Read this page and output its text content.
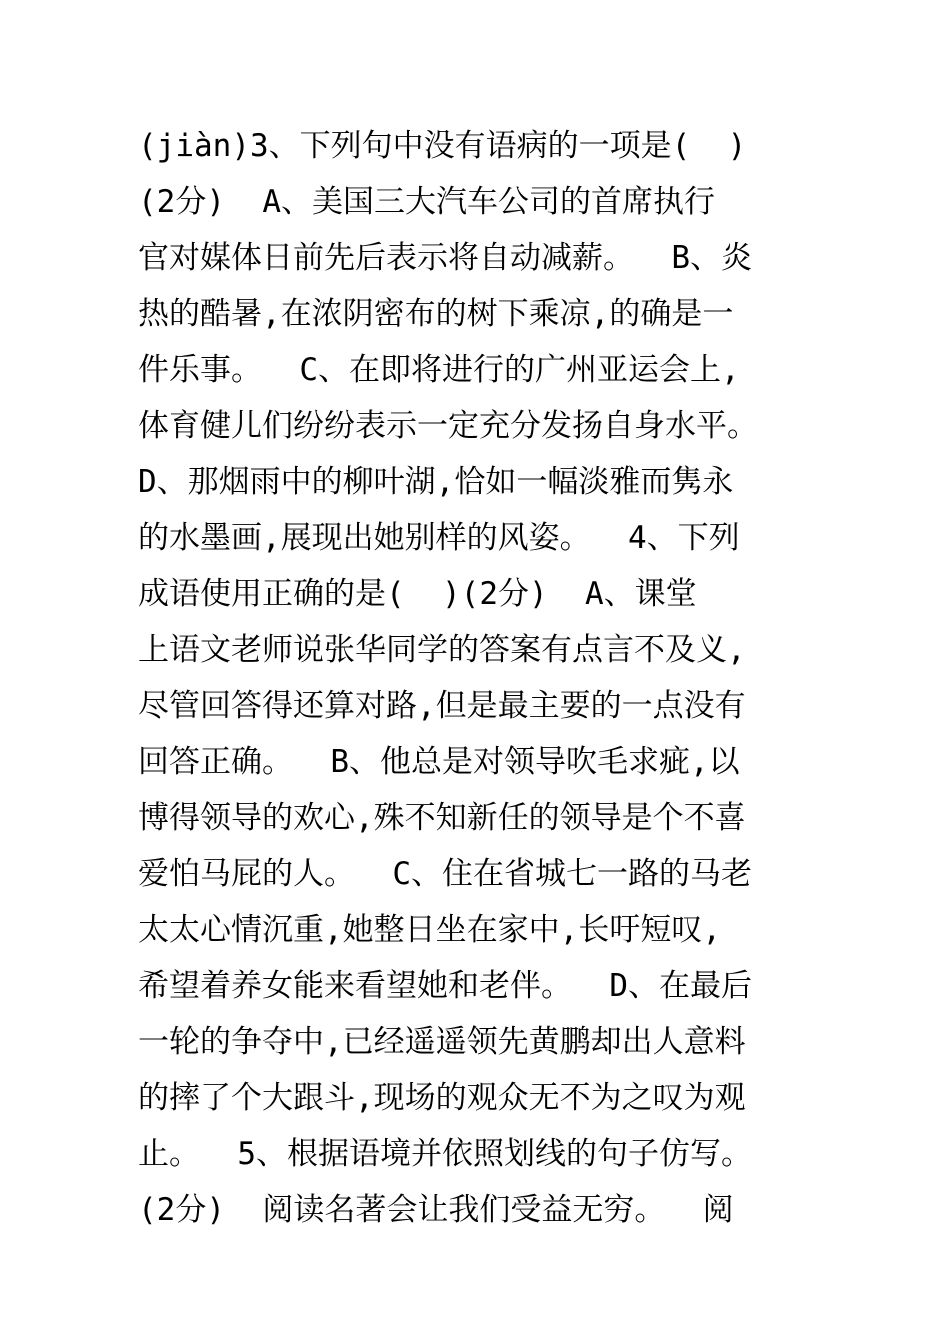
(jiàn)3、下列句中没有语病的一项是(  )
(2分)  A、美国三大汽车公司的首席执行
官对媒体日前先后表示将自动减薪。  B、炎
热的酷暑,在浓阴密布的树下乘凉,的确是一
件乐事。  C、在即将进行的广州亚运会上,
体育健儿们纷纷表示一定充分发扬自身水平。
D、那烟雨中的柳叶湖,恰如一幅淡雅而隽永
的水墨画,展现出她别样的风姿。  4、下列
成语使用正确的是(  )(2分)  A、课堂
上语文老师说张华同学的答案有点言不及义,
尽管回答得还算对路,但是最主要的一点没有
回答正确。  B、他总是对领导吹毛求疵,以
博得领导的欢心,殊不知新任的领导是个不喜
爱怕马屁的人。  C、住在省城七一路的马老
太太心情沉重,她整日坐在家中,长吁短叹,
希望着养女能来看望她和老伴。  D、在最后
一轮的争夺中,已经遥遥领先黄鹏却出人意料
的摔了个大跟斗,现场的观众无不为之叹为观
止。  5、根据语境并依照划线的句子仿写。
(2分)  阅读名著会让我们受益无穷。  阅
